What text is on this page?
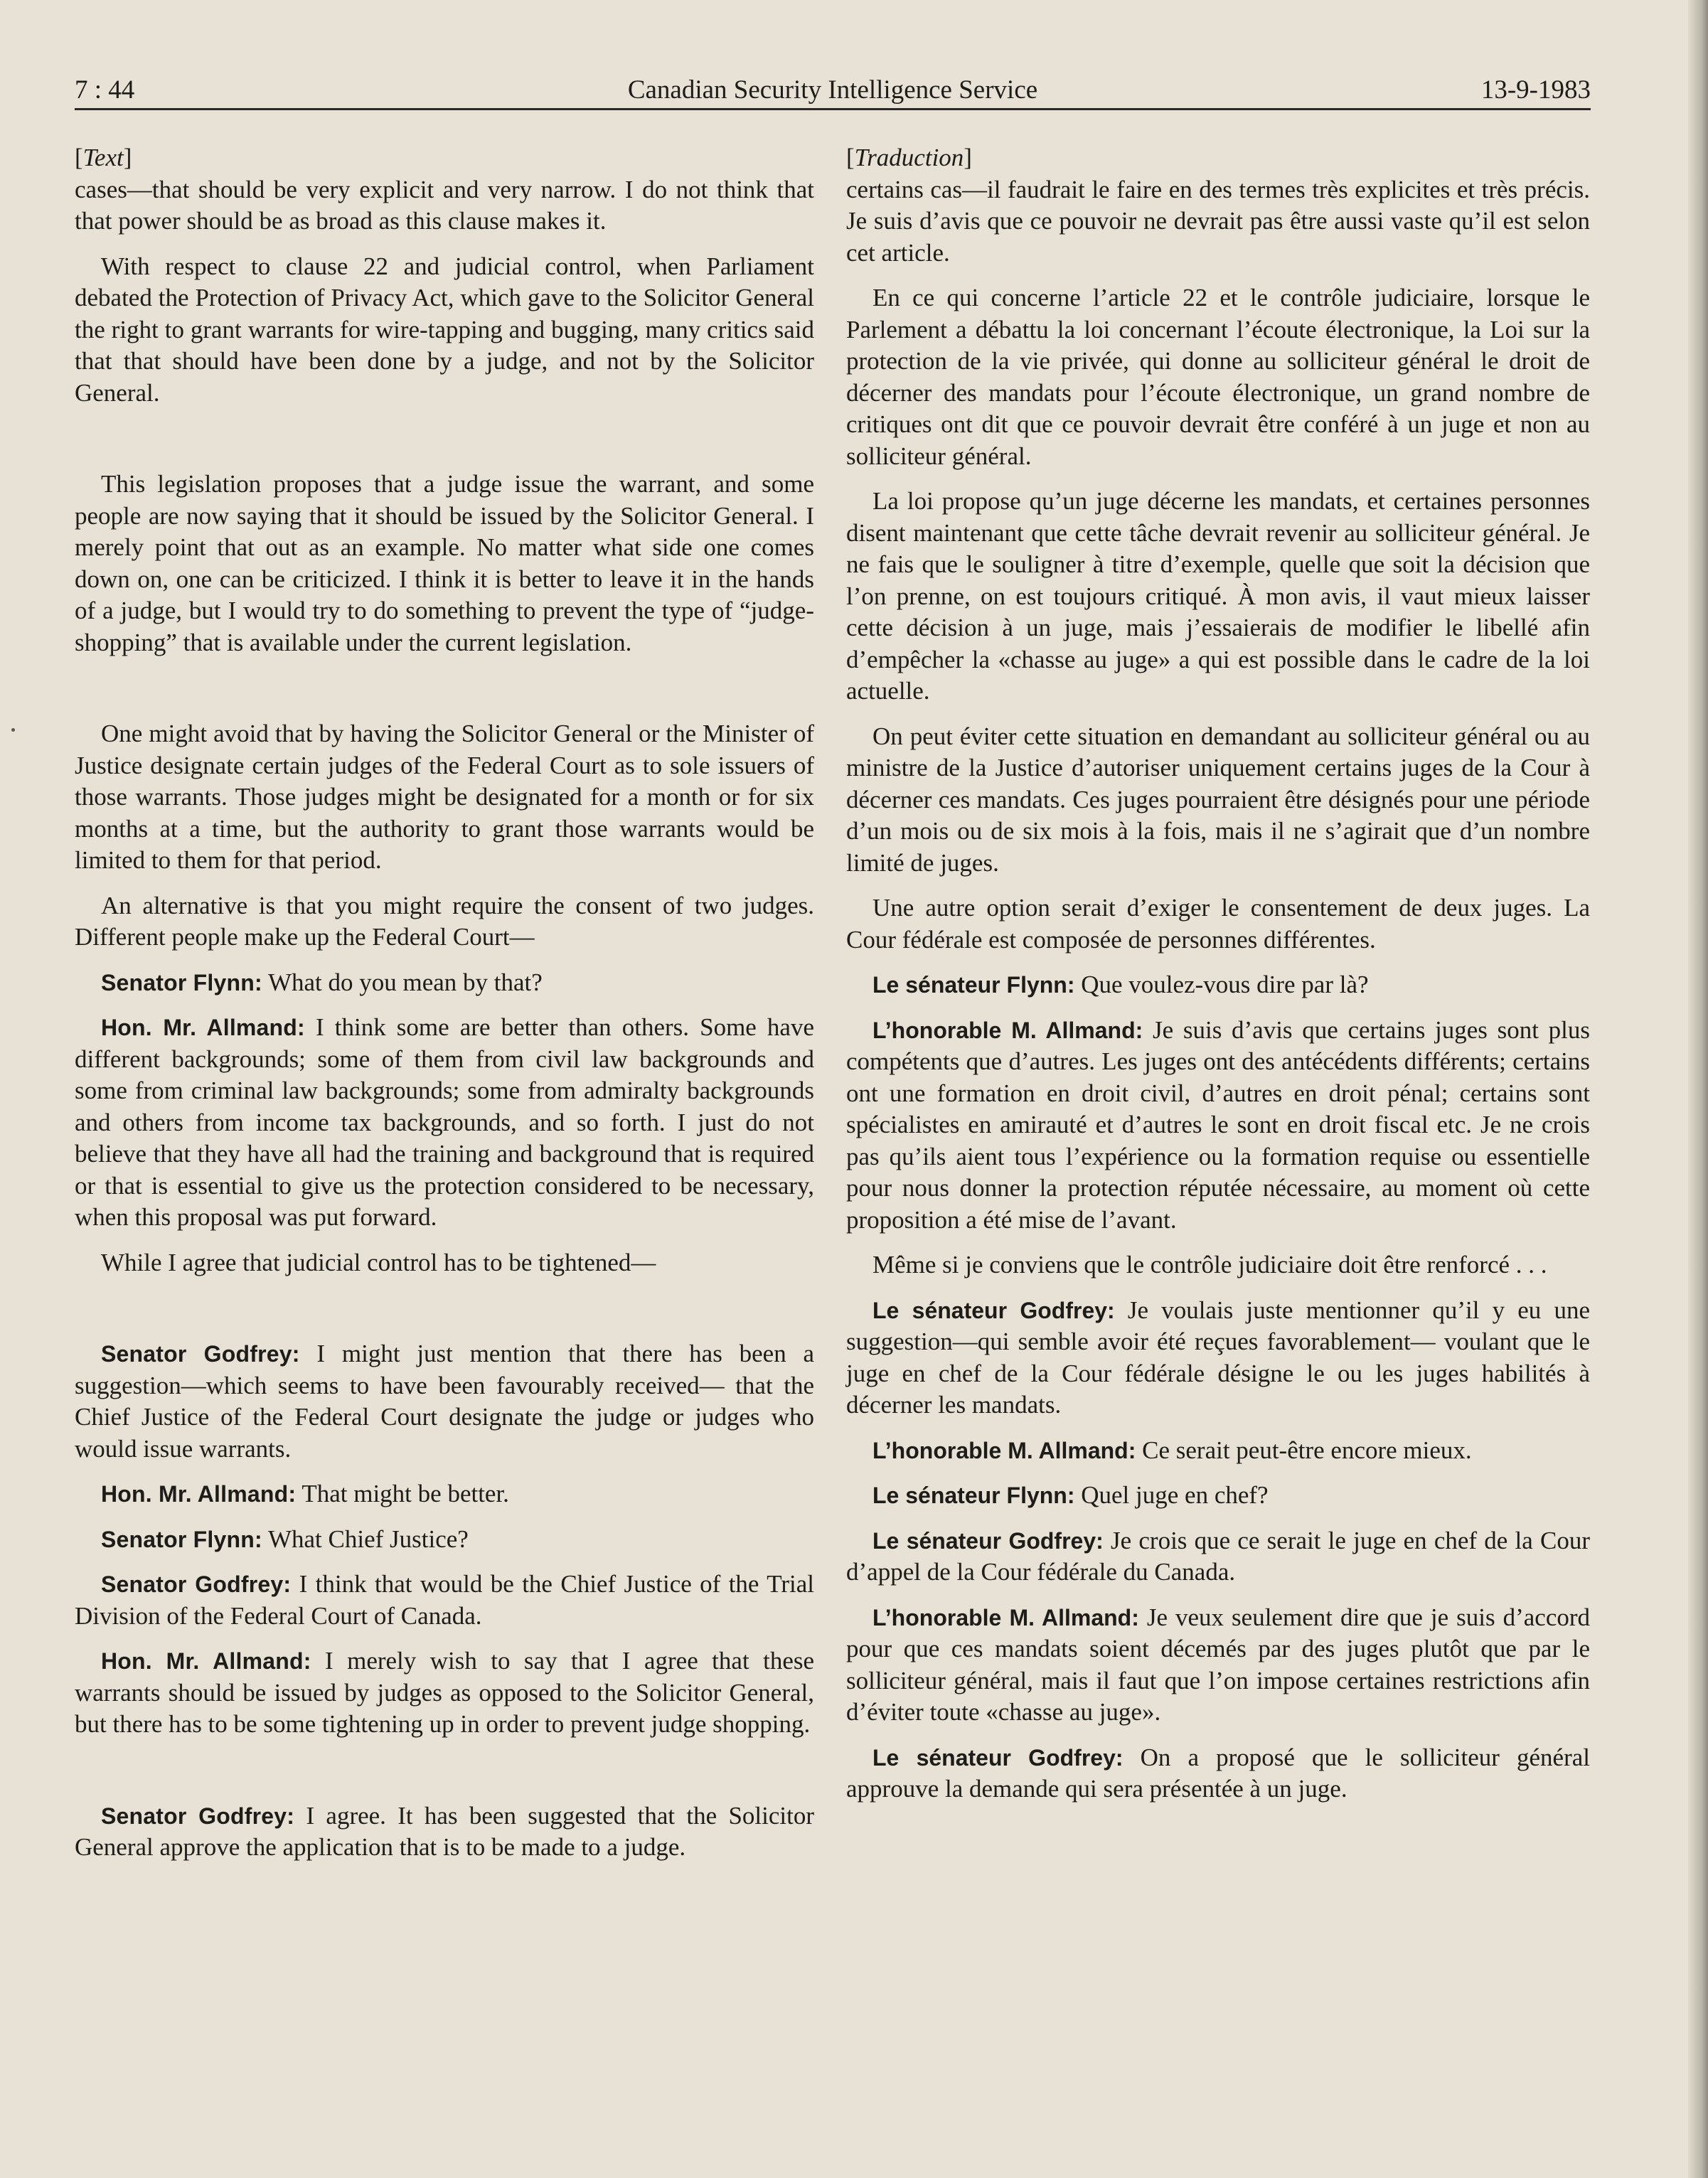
7 : 44	Canadian Security Intelligence Service	13-9-1983

[Text]

cases—that should be very explicit and very narrow. I do not think that that power should be as broad as this clause makes it.

With respect to clause 22 and judicial control, when Parliament debated the Protection of Privacy Act, which gave to the Solicitor General the right to grant warrants for wire-tapping and bugging, many critics said that that should have been done by a judge, and not by the Solicitor General.

This legislation proposes that a judge issue the warrant, and some people are now saying that it should be issued by the Solicitor General. I merely point that out as an example. No matter what side one comes down on, one can be criticized. I think it is better to leave it in the hands of a judge, but I would try to do something to prevent the type of “judge-shopping” that is available under the current legislation.

One might avoid that by having the Solicitor General or the Minister of Justice designate certain judges of the Federal Court as to sole issuers of those warrants. Those judges might be designated for a month or for six months at a time, but the authority to grant those warrants would be limited to them for that period.

An alternative is that you might require the consent of two judges. Different people make up the Federal Court—

Senator Flynn: What do you mean by that?

Hon. Mr. Allmand: I think some are better than others. Some have different backgrounds; some of them from civil law backgrounds and some from criminal law backgrounds; some from admiralty backgrounds and others from income tax backgrounds, and so forth. I just do not believe that they have all had the training and background that is required or that is essential to give us the protection considered to be necessary, when this proposal was put forward.

While I agree that judicial control has to be tightened—

Senator Godfrey: I might just mention that there has been a suggestion—which seems to have been favourably received— that the Chief Justice of the Federal Court designate the judge or judges who would issue warrants.

Hon. Mr. Allmand: That might be better.

Senator Flynn: What Chief Justice?

Senator Godfrey: I think that would be the Chief Justice of the Trial Division of the Federal Court of Canada.

Hon. Mr. Allmand: I merely wish to say that I agree that these warrants should be issued by judges as opposed to the Solicitor General, but there has to be some tightening up in order to prevent judge shopping.

Senator Godfrey: I agree. It has been suggested that the Solicitor General approve the application that is to be made to a judge.

[Traduction]

certains cas—il faudrait le faire en des termes très explicites et très précis. Je suis d’avis que ce pouvoir ne devrait pas être aussi vaste qu’il est selon cet article.

En ce qui concerne l’article 22 et le contrôle judiciaire, lorsque le Parlement a débattu la loi concernant l’écoute électronique, la Loi sur la protection de la vie privée, qui donne au solliciteur général le droit de décerner des mandats pour l’écoute électronique, un grand nombre de critiques ont dit que ce pouvoir devrait être conféré à un juge et non au solliciteur général.

La loi propose qu’un juge décerne les mandats, et certaines personnes disent maintenant que cette tâche devrait revenir au solliciteur général. Je ne fais que le souligner à titre d’exemple, quelle que soit la décision que l’on prenne, on est toujours critiqué. À mon avis, il vaut mieux laisser cette décision à un juge, mais j’essaierais de modifier le libellé afin d’empêcher la «chasse au juge» a qui est possible dans le cadre de la loi actuelle.

On peut éviter cette situation en demandant au solliciteur général ou au ministre de la Justice d’autoriser uniquement certains juges de la Cour à décerner ces mandats. Ces juges pourraient être désignés pour une période d’un mois ou de six mois à la fois, mais il ne s’agirait que d’un nombre limité de juges.

Une autre option serait d’exiger le consentement de deux juges. La Cour fédérale est composée de personnes différentes.

Le sénateur Flynn: Que voulez-vous dire par là?

L’honorable M. Allmand: Je suis d’avis que certains juges sont plus compétents que d’autres. Les juges ont des antécédents différents; certains ont une formation en droit civil, d’autres en droit pénal; certains sont spécialistes en amirauté et d’autres le sont en droit fiscal etc. Je ne crois pas qu’ils aient tous l’expérience ou la formation requise ou essentielle pour nous donner la protection réputée nécessaire, au moment où cette proposition a été mise de l’avant.

Même si je conviens que le contrôle judiciaire doit être renforcé . . .

Le sénateur Godfrey: Je voulais juste mentionner qu’il y eu une suggestion—qui semble avoir été reçues favorablement— voulant que le juge en chef de la Cour fédérale désigne le ou les juges habilités à décerner les mandats.

L’honorable M. Allmand: Ce serait peut-être encore mieux.

Le sénateur Flynn: Quel juge en chef?

Le sénateur Godfrey: Je crois que ce serait le juge en chef de la Cour d’appel de la Cour fédérale du Canada.

L’honorable M. Allmand: Je veux seulement dire que je suis d’accord pour que ces mandats soient décemés par des juges plutôt que par le solliciteur général, mais il faut que l’on impose certaines restrictions afin d’éviter toute «chasse au juge».

Le sénateur Godfrey: On a proposé que le solliciteur général approuve la demande qui sera présentée à un juge.
